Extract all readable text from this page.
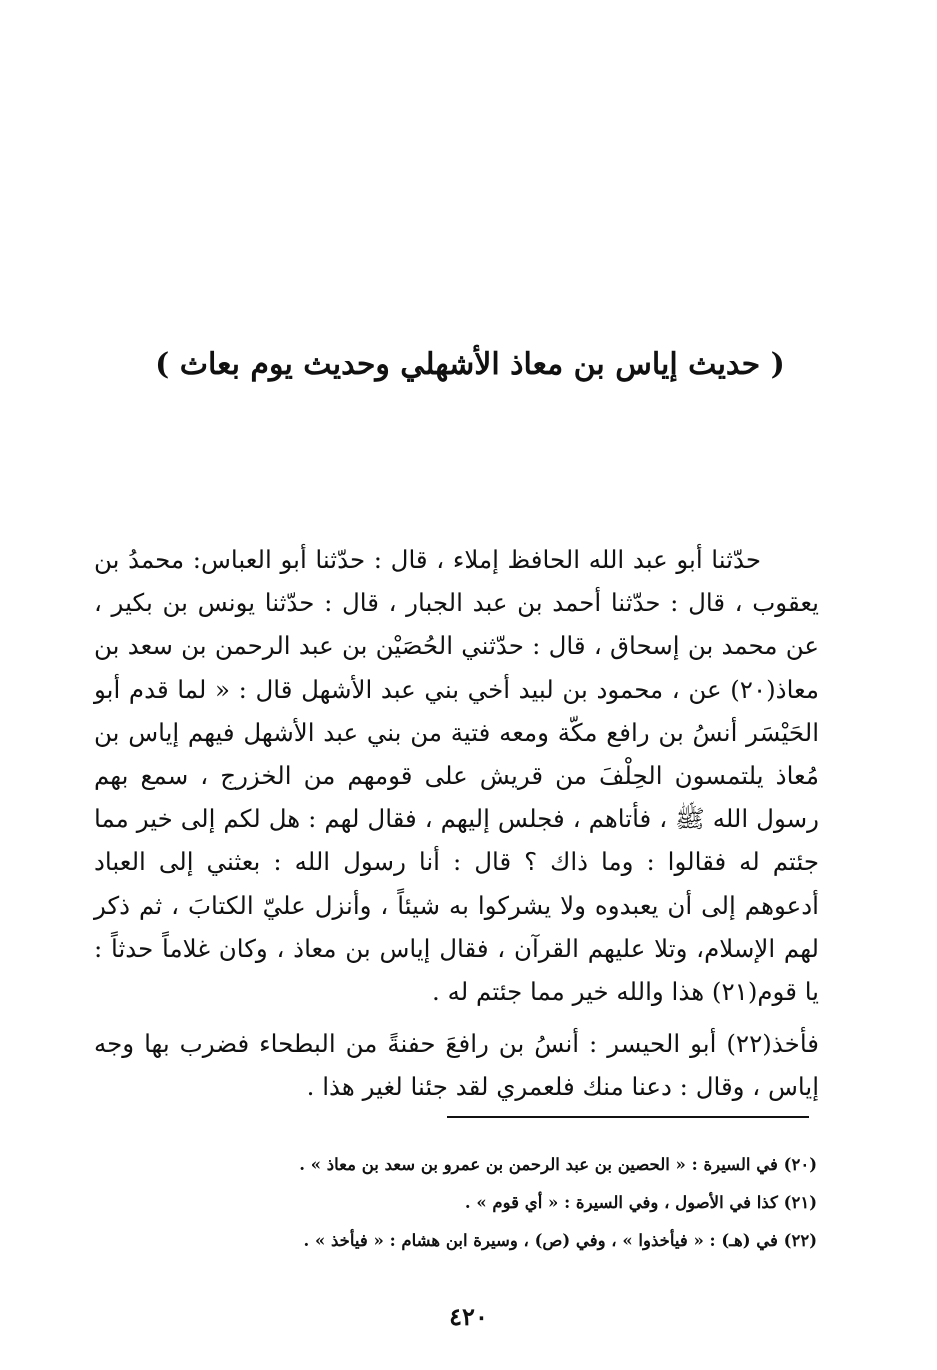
( حديث إياس بن معاذ الأشهلي وحديث يوم بعاث )

حدّثنا أبو عبد الله الحافظ إملاء ، قال : حدّثنا أبو العباس: محمدُ بن يعقوب ، قال : حدّثنا أحمد بن عبد الجبار ، قال : حدّثنا يونس بن بكير ، عن محمد بن إسحاق ، قال : حدّثني الحُصَيْن بن عبد الرحمن بن سعد بن معاذ(٢٠) عن ، محمود بن لبيد أخي بني عبد الأشهل قال : « لما قدم أبو الحَيْسَر أنسُ بن رافع مكّة ومعه فتية من بني عبد الأشهل فيهم إياس بن مُعاذ يلتمسون الحِلْفَ من قريش على قومهم من الخزرج ، سمع بهم رسول الله ﷺ ، فأتاهم ، فجلس إليهم ، فقال لهم : هل لكم إلى خير مما جئتم له فقالوا : وما ذاك ؟ قال : أنا رسول الله : بعثني إلى العباد أدعوهم إلى أن يعبدوه ولا يشركوا به شيئاً ، وأنزل عليّ الكتابَ ، ثم ذكر لهم الإسلام، وتلا عليهم القرآن ، فقال إياس بن معاذ ، وكان غلاماً حدثاً : يا قوم(٢١) هذا والله خير مما جئتم له .

فأخذ(٢٢) أبو الحيسر : أنسُ بن رافعَ حفنةً من البطحاء فضرب بها وجه إياس ، وقال : دعنا منك فلعمري لقد جئنا لغير هذا .

(٢٠) في السيرة : « الحصين بن عبد الرحمن بن عمرو بن سعد بن معاذ » .
(٢١) كذا في الأصول ، وفي السيرة : « أي قوم » .
(٢٢) في (هـ) : « فيأخذوا » ، وفي (ص) ، وسيرة ابن هشام : « فيأخذ » .
٤٢٠
